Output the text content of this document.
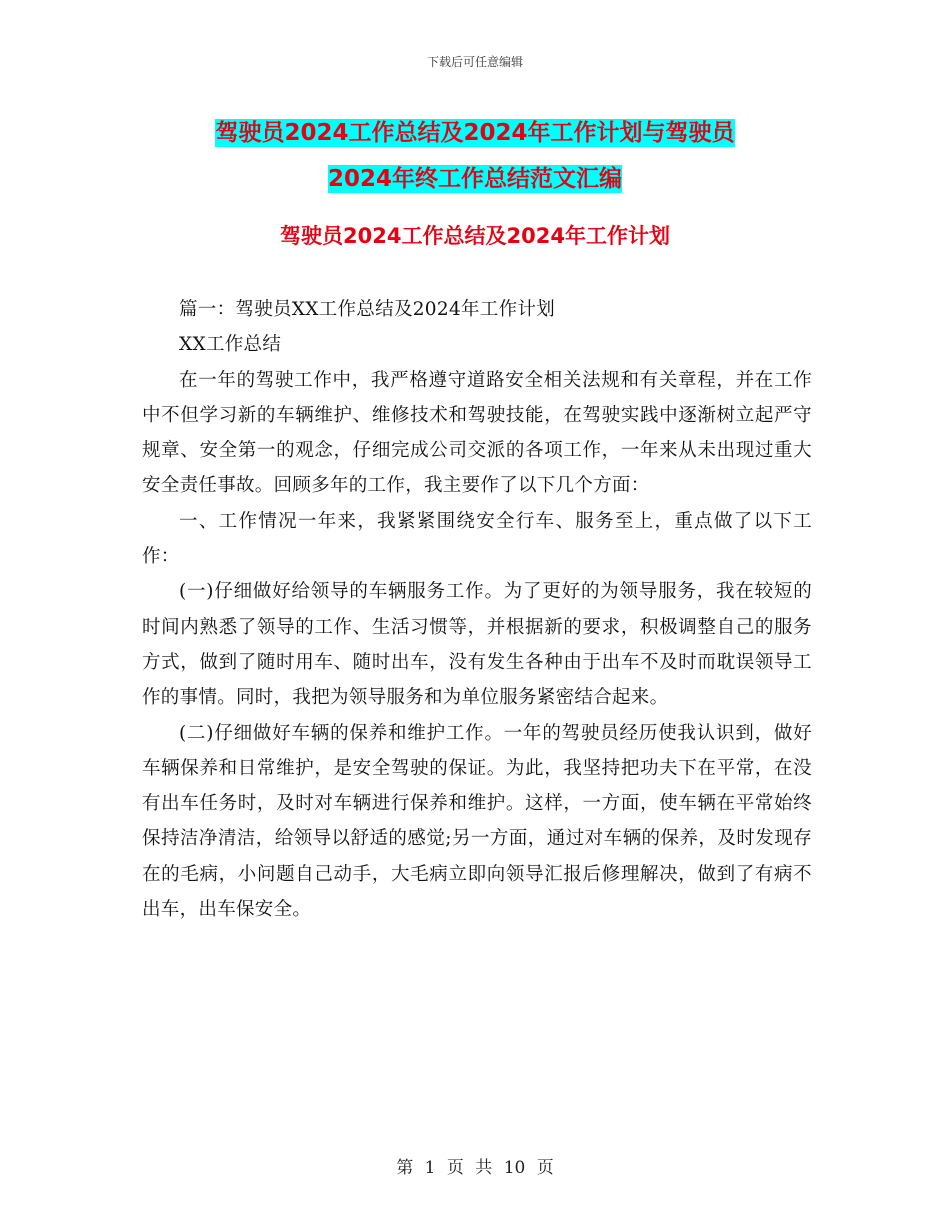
下载后可任意编辑
驾驶员2024工作总结及2024年工作计划与驾驶员
2024年终工作总结范文汇编
驾驶员2024工作总结及2024年工作计划

篇一：驾驶员XX工作总结及2024年工作计划

XX工作总结

在一年的驾驶工作中，我严格遵守道路安全相关法规和有关章程，并在工作中不但学习新的车辆维护、维修技术和驾驶技能，在驾驶实践中逐渐树立起严守规章、安全第一的观念，仔细完成公司交派的各项工作，一年来从未出现过重大安全责任事故。回顾多年的工作，我主要作了以下几个方面：

一、工作情况一年来，我紧紧围绕安全行车、服务至上，重点做了以下工作：

(一)仔细做好给领导的车辆服务工作。为了更好的为领导服务，我在较短的时间内熟悉了领导的工作、生活习惯等，并根据新的要求，积极调整自己的服务方式，做到了随时用车、随时出车，没有发生各种由于出车不及时而耽误领导工作的事情。同时，我把为领导服务和为单位服务紧密结合起来。

(二)仔细做好车辆的保养和维护工作。一年的驾驶员经历使我认识到，做好车辆保养和日常维护，是安全驾驶的保证。为此，我坚持把功夫下在平常，在没有出车任务时，及时对车辆进行保养和维护。这样，一方面，使车辆在平常始终保持洁净清洁，给领导以舒适的感觉;另一方面，通过对车辆的保养，及时发现存在的毛病，小问题自己动手，大毛病立即向领导汇报后修理解决，做到了有病不出车，出车保安全。

第 1 页 共 10 页
